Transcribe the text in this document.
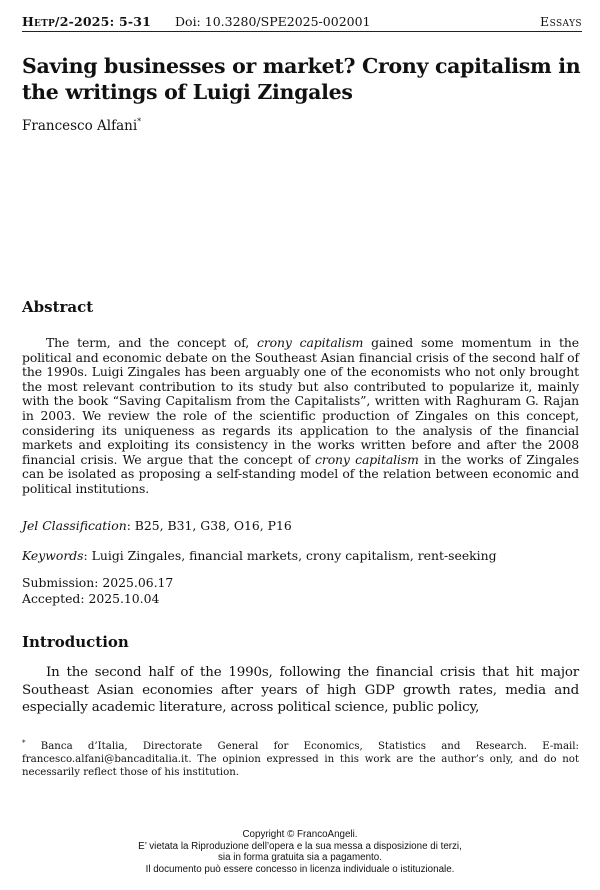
Hetp/2-2025: 5-31 Doi: 10.3280/SPE2025-002001	Essays
Saving businesses or market? Crony capitalism in the writings of Luigi Zingales
Francesco Alfani*
Abstract

The term, and the concept of, crony capitalism gained some momentum in the political and economic debate on the Southeast Asian financial crisis of the second half of the 1990s. Luigi Zingales has been arguably one of the economists who not only brought the most relevant contribution to its study but also contributed to popularize it, mainly with the book “Saving Capitalism from the Capitalists”, written with Raghuram G. Rajan in 2003. We review the role of the scientific production of Zingales on this concept, considering its uniqueness as regards its application to the analysis of the financial markets and exploiting its consistency in the works written before and after the 2008 financial crisis. We argue that the concept of crony capitalism in the works of Zingales can be isolated as proposing a self-standing model of the relation between economic and political institutions.

Jel Classification: B25, B31, G38, O16, P16

Keywords: Luigi Zingales, financial markets, crony capitalism, rent-seeking

Submission: 2025.06.17

Accepted: 2025.10.04

Introduction

In the second half of the 1990s, following the financial crisis that hit major Southeast Asian economies after years of high GDP growth rates, media and especially academic literature, across political science, public policy,

* Banca d’Italia, Directorate General for Economics, Statistics and Research. E-mail: francesco.alfani@bancaditalia.it. The opinion expressed in this work are the author’s only, and do not necessarily reflect those of his institution.

Copyright © FrancoAngeli.
E’ vietata la Riproduzione dell’opera e la sua messa a disposizione di terzi,
sia in forma gratuita sia a pagamento.
Il documento può essere concesso in licenza individuale o istituzionale.
